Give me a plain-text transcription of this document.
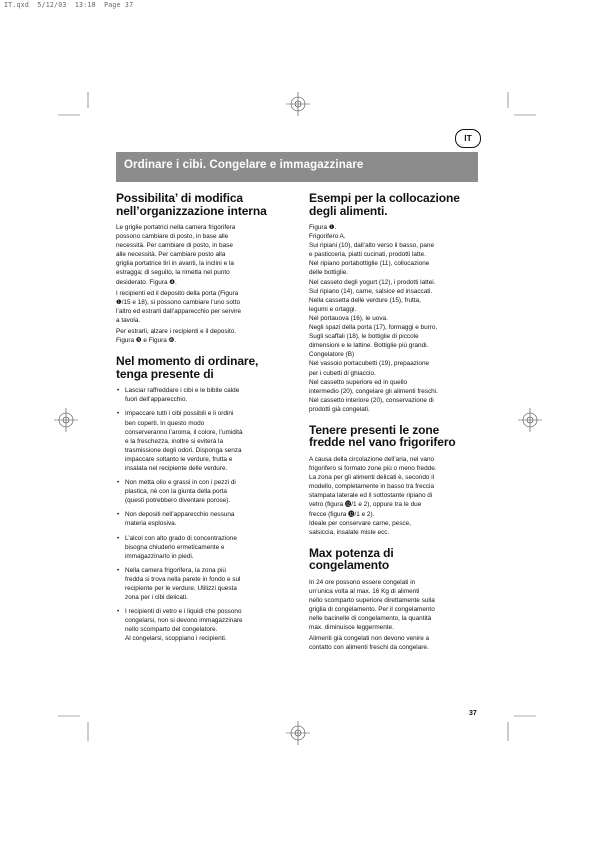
IT.qxd  5/12/03  13:18  Page 37
IT
Ordinare i cibi. Congelare e immagazzinare
Possibilita’ di modifica
nell’organizzazione interna

Le griglie portatrici nella camera frigorifera
possono cambiare di posto, in base alle
necessità. Per cambiare di posto, in base
alle necessità. Per cambiare posto alla
griglia portatrice tiri in avanti, la inclini e la
estragga; di seguito, la rimetta nel punto
desiderato. Figura ❹.

I recipienti ed il deposito della porta (Figura
❶/15 e 18), si possono cambiare l’uno sotto
l’altro ed estrarli dall’apparecchio per servire
a tavola.

Per estrarli, alzare i recipienti e il deposito.
Figura ❺ e Figura ❻.

Nel momento di ordinare,
tenga presente di
• Lasciar raffreddare i cibi e le bibite calde
fuori dell’apparecchio.
• Impaccare tutti i cibi possibili e li ordini
ben coperti. In questo modo
conserveranno l’aroma, il colore, l’umidità
e la freschezza, inoltre si eviterà la
trasmissione degli odori. Disponga senza
impaccare soltanto le verdure, frutta e
insalata nel recipiente delle verdure.
• Non metta olio e grassi in con i pezzi di
plastica, nè con la giunta della porta
(questi potrebbero diventare porose).
• Non depositi nell’apparecchio nessuna
materia esplosiva.
• L’alcol con alto grado di concentrazione
bisogna chiuderlo ermeticamente e
immagazzinarlo in piedi.
• Nella camera frigorifera, la zona più
fredda si trova nella parete in fondo e sul
recipiente per le verdure. Utilizzi questa
zona per i cibi delicati.
• I recipienti di vetro e i liquidi che possono
congelarsi, non si devono immagazzinare
nello scomparto del congelatore.
Al congelarsi, scoppiano i recipienti.
Esempi per la collocazione
degli alimenti.

Figura ❶.
Frigorifero A.
Sui ripiani (10), dall’alto verso il basso, pane
e pasticceria, piatti cucinati, prodotti latte.
Nel ripiano portabottiglie (11), collocazione
delle bottiglie.
Nel casseto degli yogurt (12), i prodotti lattei.
Sul ripiano (14), carne, salsice ed insaccati.
Nella cassetta delle verdure (15), frutta,
legumi e ortaggi.
Nel portauova (16), le uova.
Negli spazi della porta (17), formaggi e burro.
Sugli scaffali (18), le bottiglie di piccole
dimensioni e le lattine. Bottiglie più grandi.
Congelatore (B)
Nel vassoio portacubetti (19), prepaazione
per i cubetti di ghiaccio.
Nel cassetto superiore ed in quello
intermedio (20), congelare gli alimenti freschi.
Nel cassetto interiore (20), conservazione di
prodotti già congelati.

Tenere presenti le zone
fredde nel vano frigorifero

A causa della circolazione dell’aria, nel vano
frigorifero si formato zone più o meno fredde.
La zona per gli alimenti delicati è, secondo il
modello, completamente in basso tra freccia
stampata laterale ed il sottostante ripiano di
vetro (figura ⓬/1 e 2), oppure tra le due
frecce (figura ⓬/1 e 2).
Ideale per conservare carne, pesce,
salsiccia, insalate miste ecc.

Max potenza di
congelamento

In 24 ore possono essere congelati in
un’unica volta al max. 16 Kg di alimenti
nello scomparto superiore direttamente sulla
griglia di congelamento. Per il congelamento
nelle bacinelle di congelamento, la quantità
max. diminuisce leggermente.

Alimenti già congelati non devono venire a
contatto con alimenti freschi da congelare.

37
